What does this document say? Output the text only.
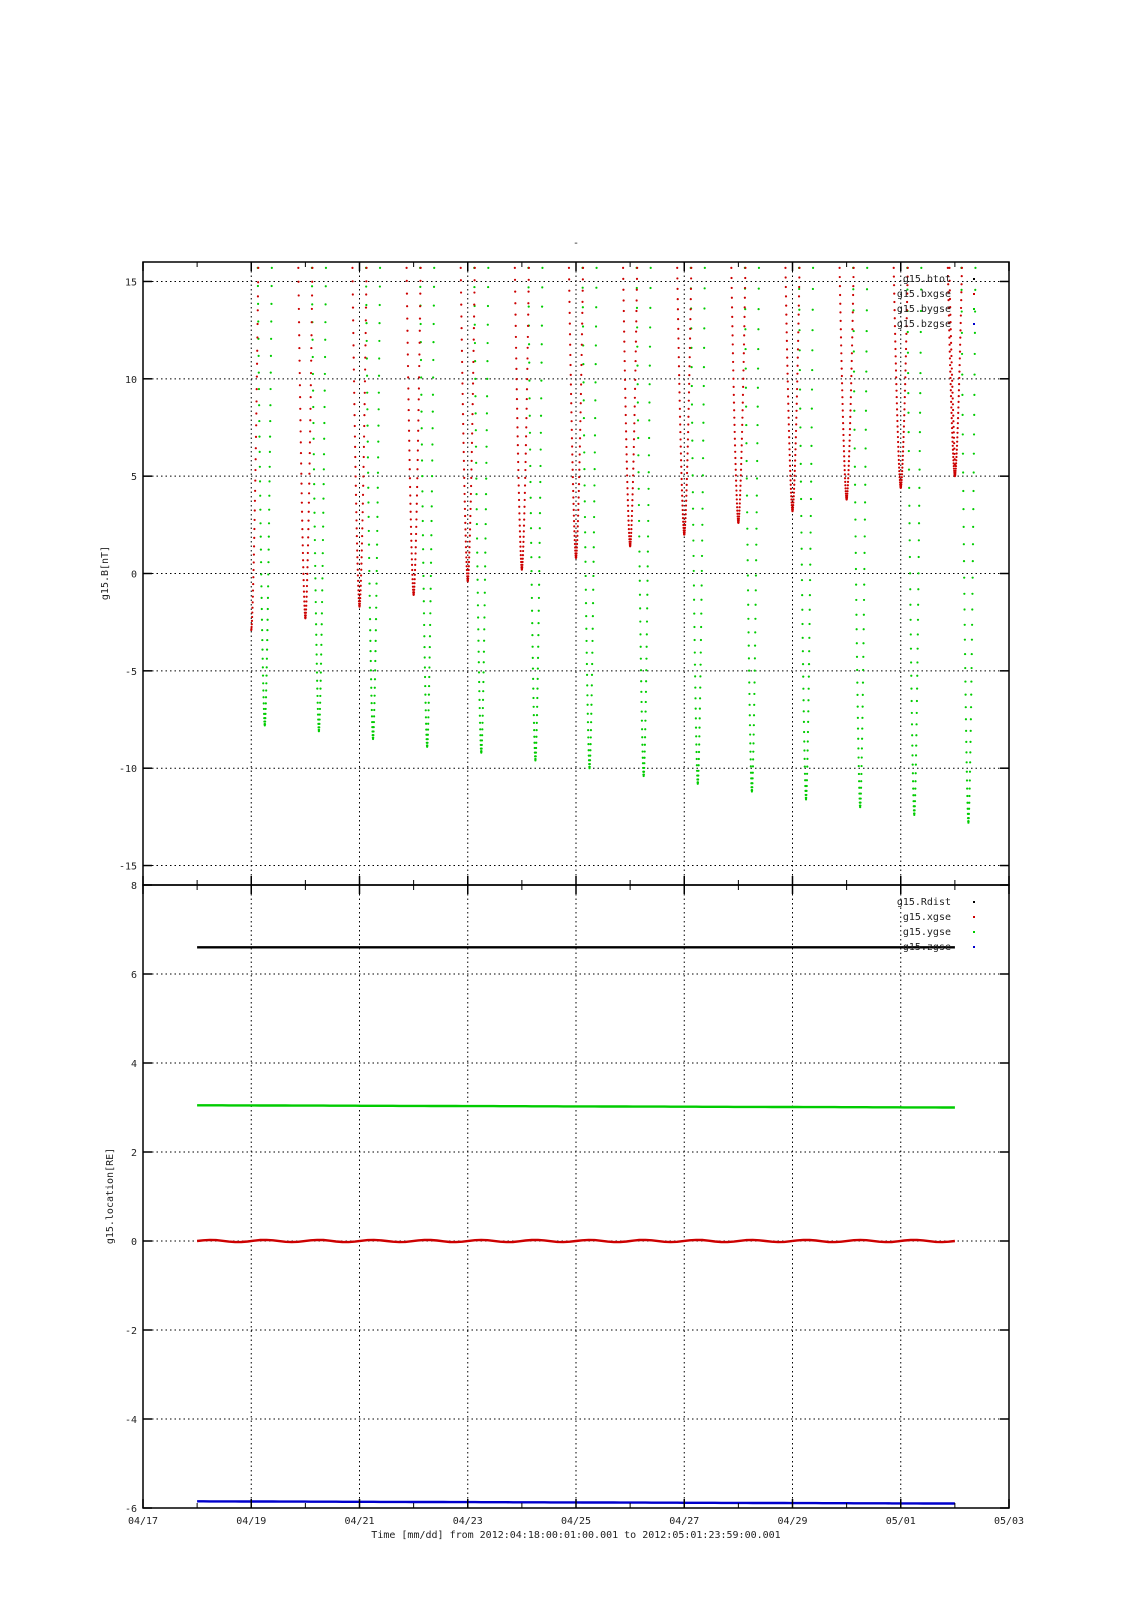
-
15
10
5
0
-5
-10
-15
g15.B[nT]
g15.btot
g15.bxgse
g15.bygse
g15.bzgse
8
6
4
2
0
-2
-4
-6
g15.location[RE]
g15.Rdist
g15.xgse
g15.ygse
g15.zgse
04/17	04/19	04/21	04/23	04/25	04/27	04/29	05/01	05/03
Time [mm/dd] from 2012:04:18:00:01:00.001 to 2012:05:01:23:59:00.001
